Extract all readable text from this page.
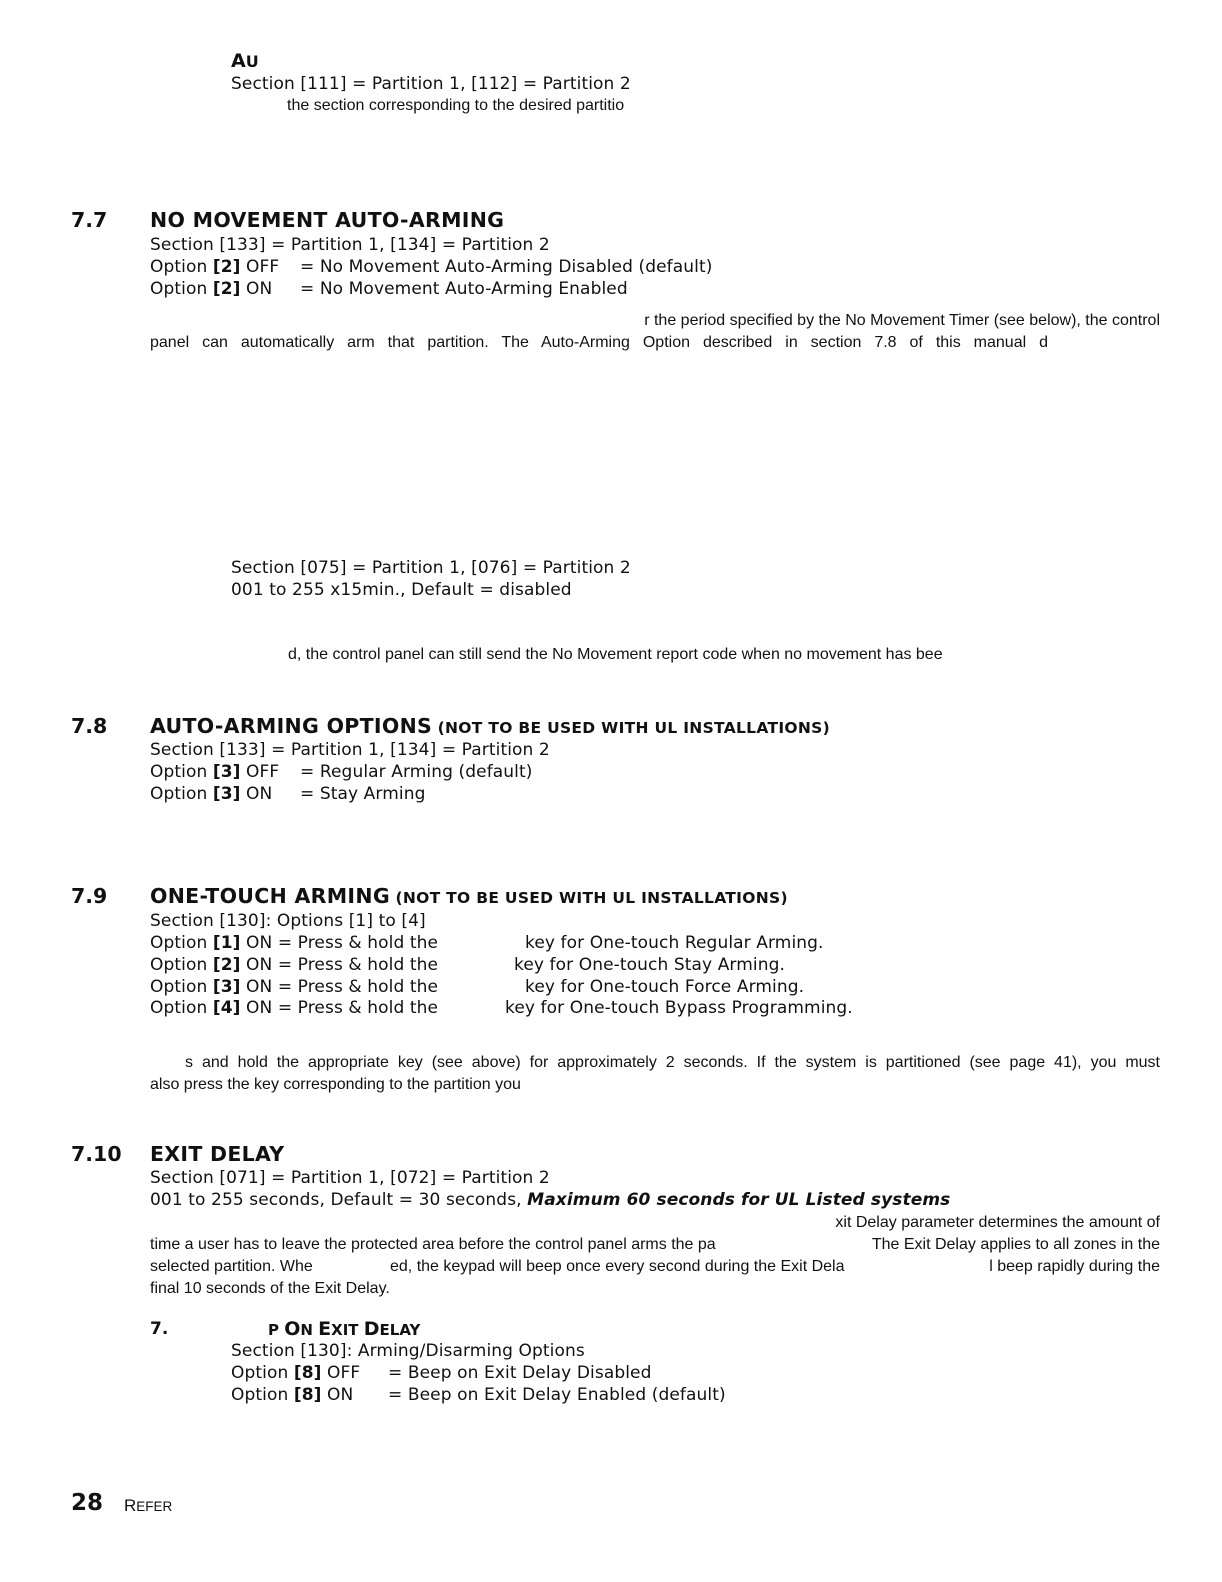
AU
Section [111] = Partition 1, [112] = Partition 2
the section corresponding to the desired partitio
7.7 NO MOVEMENT AUTO-ARMING
Section [133] = Partition 1, [134] = Partition 2
Option [2] OFF = No Movement Auto-Arming Disabled (default)
Option [2] ON = No Movement Auto-Arming Enabled
r the period specified by the No Movement Timer (see below), the control
panel can automatically arm that partition. The Auto-Arming Option described in section 7.8 of this manual d
Section [075] = Partition 1, [076] = Partition 2
001 to 255 x15min., Default = disabled
d, the control panel can still send the No Movement report code when no movement has bee
7.8 AUTO-ARMING OPTIONS (NOT TO BE USED WITH UL INSTALLATIONS)
Section [133] = Partition 1, [134] = Partition 2
Option [3] OFF = Regular Arming (default)
Option [3] ON = Stay Arming
7.9 ONE-TOUCH ARMING (NOT TO BE USED WITH UL INSTALLATIONS)
Section [130]: Options [1] to [4]
Option [1] ON = Press & hold the	key for One-touch Regular Arming.
Option [2] ON = Press & hold the	key for One-touch Stay Arming.
Option [3] ON = Press & hold the	key for One-touch Force Arming.
Option [4] ON = Press & hold the	key for One-touch Bypass Programming.
s and hold the appropriate key (see above) for approximately 2 seconds. If the system is partitioned (see page 41), you must
also press the key corresponding to the partition you
7.10 EXIT DELAY
Section [071] = Partition 1, [072] = Partition 2
001 to 255 seconds, Default = 30 seconds, Maximum 60 seconds for UL Listed systems
xit Delay parameter determines the amount of
time a user has to leave the protected area before the control panel arms the pa	The Exit Delay applies to all zones in the
selected partition. Whe	ed, the keypad will beep once every second during the Exit Dela	l beep rapidly during the
final 10 seconds of the Exit Delay.
7.	P ON EXIT DELAY
Section [130]: Arming/Disarming Options
Option [8] OFF = Beep on Exit Delay Disabled
Option [8] ON = Beep on Exit Delay Enabled (default)
28 REFER
